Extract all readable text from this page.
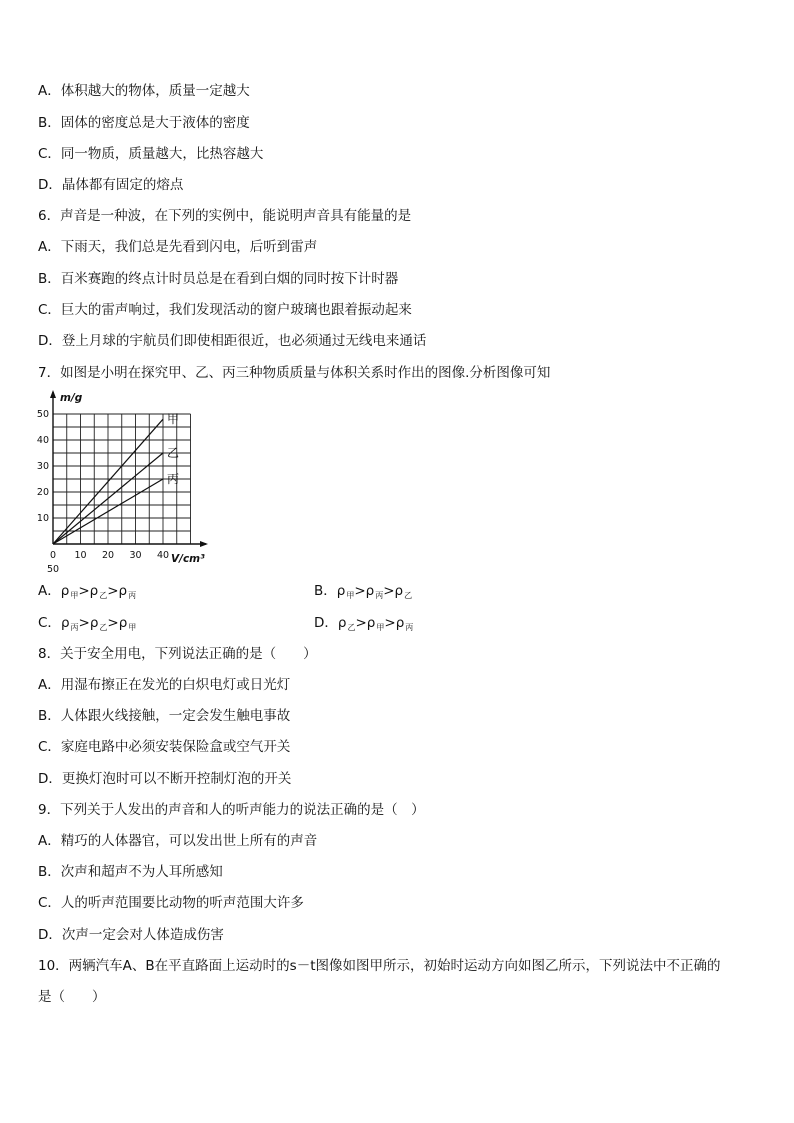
A．体积越大的物体，质量一定越大
B．固体的密度总是大于液体的密度
C．同一物质，质量越大，比热容越大
D．晶体都有固定的熔点
6．声音是一种波，在下列的实例中，能说明声音具有能量的是
A．下雨天，我们总是先看到闪电，后听到雷声
B．百米赛跑的终点计时员总是在看到白烟的同时按下计时器
C．巨大的雷声响过，我们发现活动的窗户玻璃也跟着振动起来
D．登上月球的宇航员们即使相距很近，也必须通过无线电来通话
7．如图是小明在探究甲、乙、丙三种物质质量与体积关系时作出的图像.分析图像可知
甲
乙
丙
10
20
30
40
50
0 10 20 30 40
50
m/g
V/cm³
A．$\rho_甲>\rho_乙>\rho_丙$	B．$\rho_甲>\rho_丙>\rho_乙$
C．$\rho_丙>\rho_乙>\rho_甲$	D．$\rho_乙>\rho_甲>\rho_丙$
8．关于安全用电，下列说法正确的是（　　）
A．用湿布擦正在发光的白炽电灯或日光灯
B．人体跟火线接触，一定会发生触电事故
C．家庭电路中必须安装保险盒或空气开关
D．更换灯泡时可以不断开控制灯泡的开关
9．下列关于人发出的声音和人的听声能力的说法正确的是（　）
A．精巧的人体器官，可以发出世上所有的声音
B．次声和超声不为人耳所感知
C．人的听声范围要比动物的听声范围大许多
D．次声一定会对人体造成伤害
10．两辆汽车A、B在平直路面上运动时的s－t图像如图甲所示，初始时运动方向如图乙所示，下列说法中不正确的
是（　　）
